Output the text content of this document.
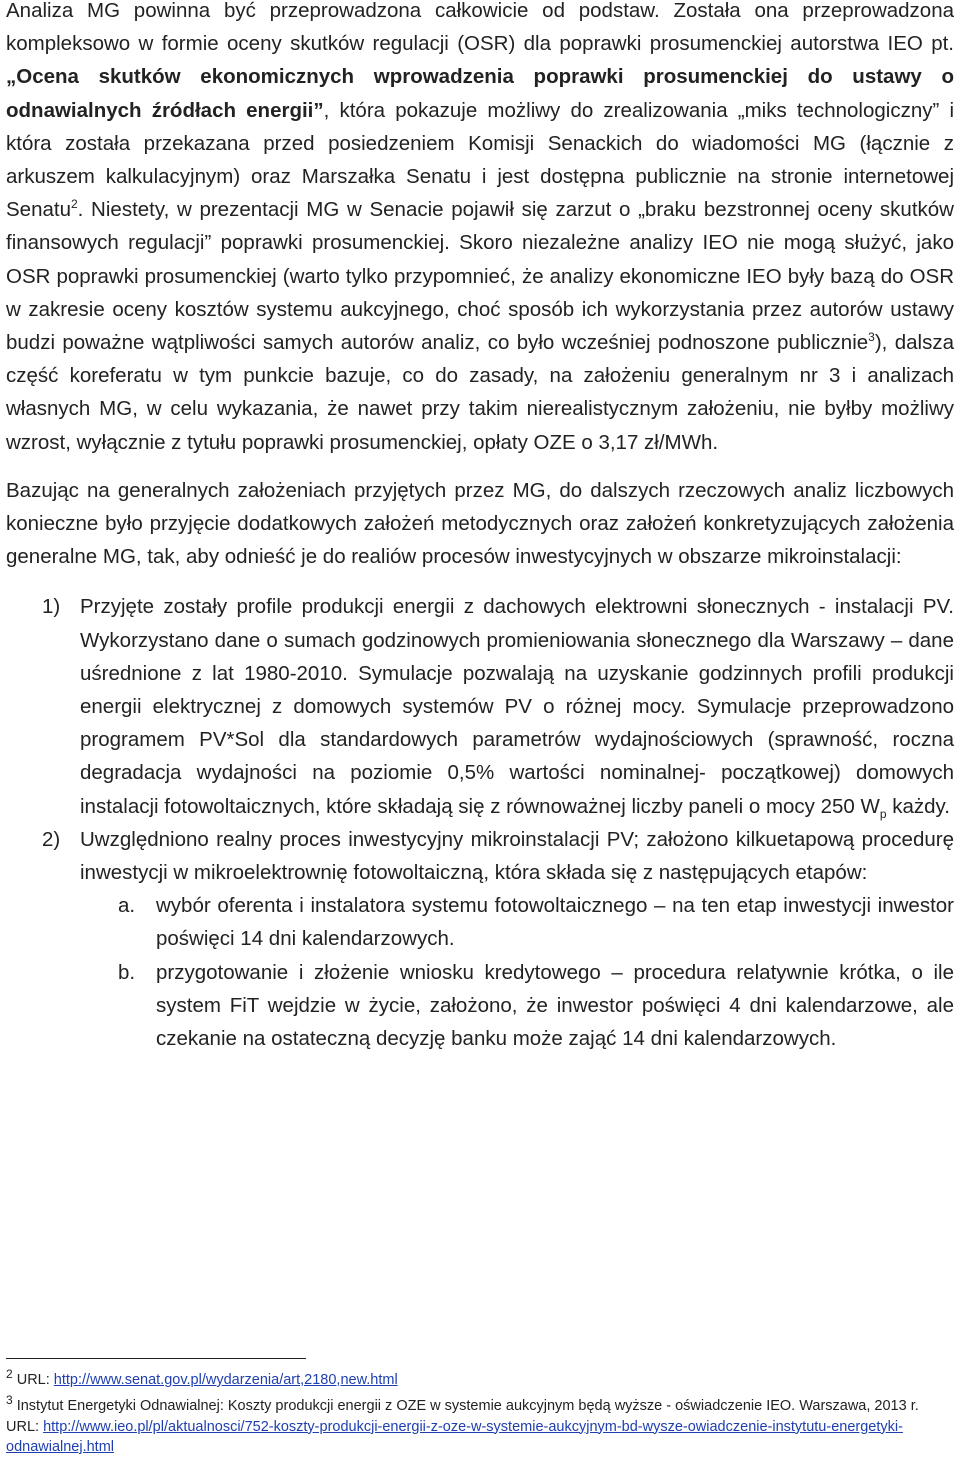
Analiza MG powinna być przeprowadzona całkowicie od podstaw. Została ona przeprowadzona kompleksowo w formie oceny skutków regulacji (OSR) dla poprawki prosumenckiej autorstwa IEO pt. „Ocena skutków ekonomicznych wprowadzenia poprawki prosumenckiej do ustawy o odnawialnych źródłach energii”, która pokazuje możliwy do zrealizowania „miks technologiczny” i która została przekazana przed posiedzeniem Komisji Senackich do wiadomości MG (łącznie z arkuszem kalkulacyjnym) oraz Marszałka Senatu i jest dostępna publicznie na stronie internetowej Senatu$^2$. Niestety, w prezentacji MG w Senacie pojawił się zarzut o „braku bezstronnej oceny skutków finansowych regulacji” poprawki prosumenckiej. Skoro niezależne analizy IEO nie mogą służyć, jako OSR poprawki prosumenckiej (warto tylko przypomnieć, że analizy ekonomiczne IEO były bazą do OSR w zakresie oceny kosztów systemu aukcyjnego, choć sposób ich wykorzystania przez autorów ustawy budzi poważne wątpliwości samych autorów analiz, co było wcześniej podnoszone publicznie$^3$), dalsza część koreferatu w tym punkcie bazuje, co do zasady, na założeniu generalnym nr 3 i analizach własnych MG, w celu wykazania, że nawet przy takim nierealistycznym założeniu, nie byłby możliwy wzrost, wyłącznie z tytułu poprawki prosumenckiej, opłaty OZE o 3,17 zł/MWh.

Bazując na generalnych założeniach przyjętych przez MG, do dalszych rzeczowych analiz liczbowych konieczne było przyjęcie dodatkowych założeń metodycznych oraz założeń konkretyzujących założenia generalne MG, tak, aby odnieść je do realiów procesów inwestycyjnych w obszarze mikroinstalacji:

1) Przyjęte zostały profile produkcji energii z dachowych elektrowni słonecznych - instalacji PV. Wykorzystano dane o sumach godzinowych promieniowania słonecznego dla Warszawy – dane uśrednione z lat 1980-2010. Symulacje pozwalają na uzyskanie godzinnych profili produkcji energii elektrycznej z domowych systemów PV o różnej mocy. Symulacje przeprowadzono programem PV*Sol dla standardowych parametrów wydajnościowych (sprawność, roczna degradacja wydajności na poziomie 0,5% wartości nominalnej- początkowej) domowych instalacji fotowoltaicznych, które składają się z równoważnej liczby paneli o mocy 250 $W_p$ każdy.
2) Uwzględniono realny proces inwestycyjny mikroinstalacji PV; założono kilkuetapową procedurę inwestycji w mikroelektrownię fotowoltaiczną, która składa się z następujących etapów:
a. wybór oferenta i instalatora systemu fotowoltaicznego – na ten etap inwestycji inwestor poświęci 14 dni kalendarzowych.
b. przygotowanie i złożenie wniosku kredytowego – procedura relatywnie krótka, o ile system FiT wejdzie w życie, założono, że inwestor poświęci 4 dni kalendarzowe, ale czekanie na ostateczną decyzję banku może zająć 14 dni kalendarzowych.
$^2$ URL: http://www.senat.gov.pl/wydarzenia/art,2180,new.html
$^3$ Instytut Energetyki Odnawialnej: Koszty produkcji energii z OZE w systemie aukcyjnym będą wyższe - oświadczenie IEO. Warszawa, 2013 r. URL: http://www.ieo.pl/pl/aktualnosci/752-koszty-produkcji-energii-z-oze-w-systemie-aukcyjnym-bd-wysze-owiadczenie-instytutu-energetyki-odnawialnej.html
